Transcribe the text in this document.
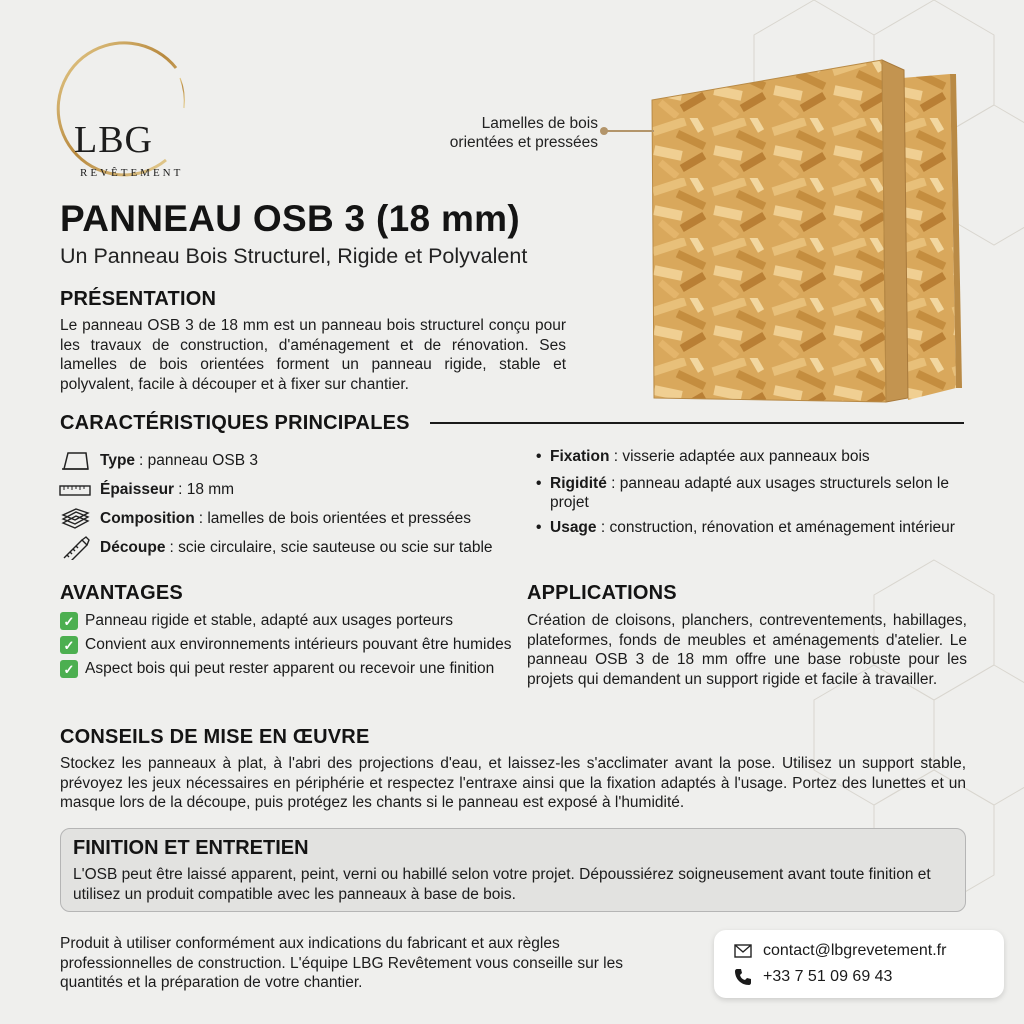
LBG
REVÊTEMENT
Lamelles de bois orientées et pressées
PANNEAU OSB 3 (18 mm)
Un Panneau Bois Structurel, Rigide et Polyvalent
PRÉSENTATION

Le panneau OSB 3 de 18 mm est un panneau bois structurel conçu pour les travaux de construction, d'aménagement et de rénovation. Ses lamelles de bois orientées forment un panneau rigide, stable et polyvalent, facile à découper et à fixer sur chantier.

CARACTÉRISTIQUES PRINCIPALES
Type : panneau OSB 3
Épaisseur : 18 mm
Composition : lamelles de bois orientées et pressées
Découpe : scie circulaire, scie sauteuse ou scie sur table
• Fixation : visserie adaptée aux panneaux bois
• Rigidité : panneau adapté aux usages structurels selon le projet
• Usage : construction, rénovation et aménagement intérieur
AVANTAGES
✓ Panneau rigide et stable, adapté aux usages porteurs
✓ Convient aux environnements intérieurs pouvant être humides
✓ Aspect bois qui peut rester apparent ou recevoir une finition
APPLICATIONS

Création de cloisons, planchers, contreventements, habillages, plateformes, fonds de meubles et aménagements d'atelier. Le panneau OSB 3 de 18 mm offre une base robuste pour les projets qui demandent un support rigide et facile à travailler.

CONSEILS DE MISE EN ŒUVRE

Stockez les panneaux à plat, à l'abri des projections d'eau, et laissez-les s'acclimater avant la pose. Utilisez un support stable, prévoyez les jeux nécessaires en périphérie et respectez l'entraxe ainsi que la fixation adaptés à l'usage. Portez des lunettes et un masque lors de la découpe, puis protégez les chants si le panneau est exposé à l'humidité.

FINITION ET ENTRETIEN

L'OSB peut être laissé apparent, peint, verni ou habillé selon votre projet. Dépoussiérez soigneusement avant toute finition et utilisez un produit compatible avec les panneaux à base de bois.

Produit à utiliser conformément aux indications du fabricant et aux règles professionnelles de construction. L'équipe LBG Revêtement vous conseille sur les quantités et la préparation de votre chantier.

contact@lbgrevetement.fr
+33 7 51 09 69 43
